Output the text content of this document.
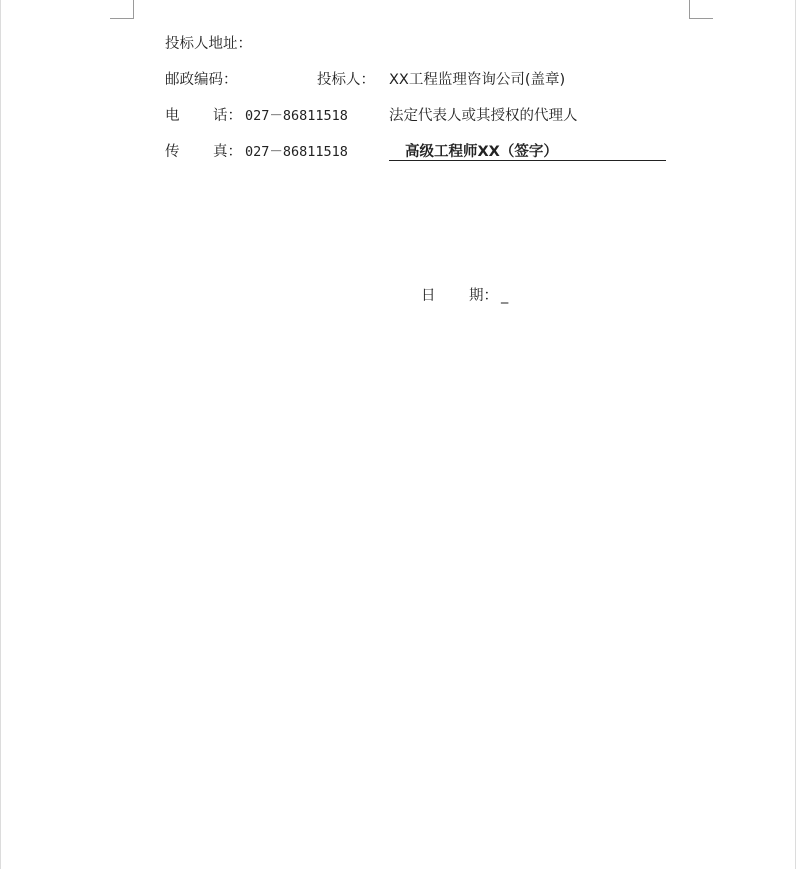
投标人地址：
邮政编码：	投标人： XX工程监理咨询公司(盖章)
电 话： 027－86811518	法定代表人或其授权的代理人
传 真： 027－86811518	高级工程师XX（签字）
日 期： _
